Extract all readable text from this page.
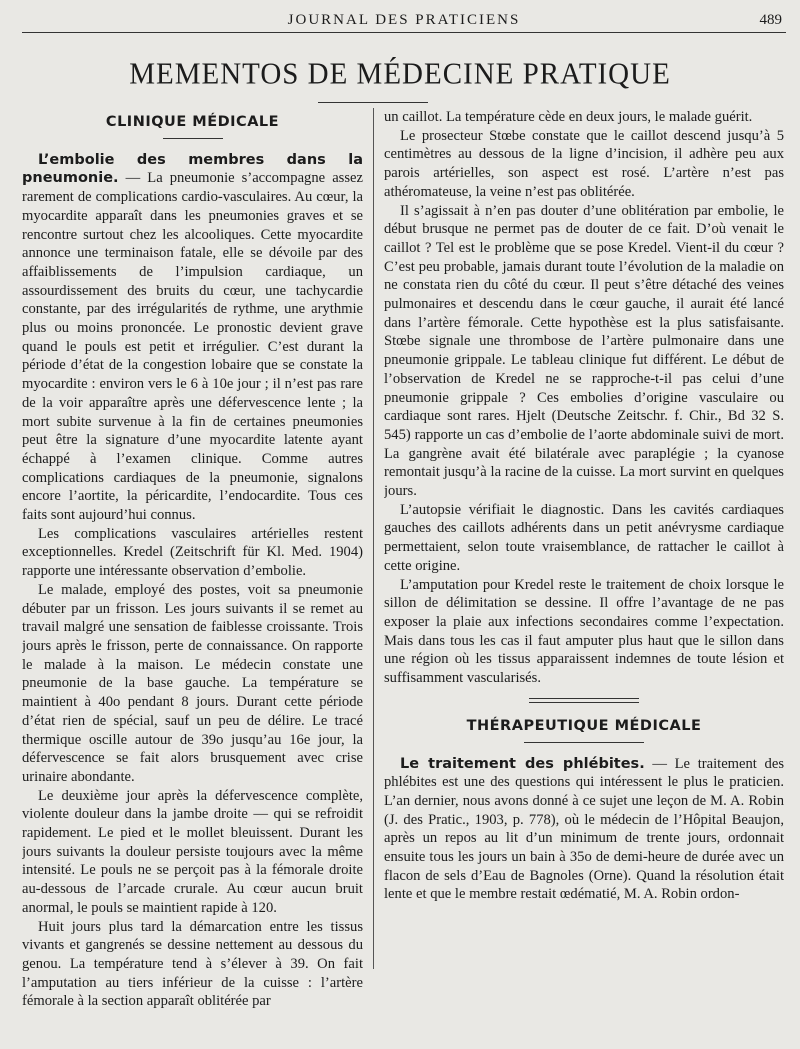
JOURNAL DES PRATICIENS	489
MEMENTOS DE MÉDECINE PRATIQUE
CLINIQUE MÉDICALE

L’embolie des membres dans la pneumonie. — La pneumonie s’accompagne assez rarement de complications cardio-vasculaires. Au cœur, la myocardite apparaît dans les pneumonies graves et se rencontre surtout chez les alcooliques. Cette myocardite annonce une terminaison fatale, elle se dévoile par des affaiblissements de l’impulsion cardiaque, un assourdissement des bruits du cœur, une tachycardie constante, par des irrégularités de rythme, une arythmie plus ou moins prononcée. Le pronostic devient grave quand le pouls est petit et irrégulier. C’est durant la période d’état de la congestion lobaire que se constate la myocardite : environ vers le 6 à 10e jour ; il n’est pas rare de la voir apparaître après une défervescence lente ; la mort subite survenue à la fin de certaines pneumonies peut être la signature d’une myocardite latente ayant échappé à l’examen clinique. Comme autres complications cardiaques de la pneumonie, signalons encore l’aortite, la péricardite, l’endocardite. Tous ces faits sont aujourd’hui connus.

Les complications vasculaires artérielles restent exceptionnelles. Kredel (Zeitschrift für Kl. Med. 1904) rapporte une intéressante observation d’embolie.

Le malade, employé des postes, voit sa pneumonie débuter par un frisson. Les jours suivants il se remet au travail malgré une sensation de faiblesse croissante. Trois jours après le frisson, perte de connaissance. On rapporte le malade à la maison. Le médecin constate une pneumonie de la base gauche. La température se maintient à 40o pendant 8 jours. Durant cette période d’état rien de spécial, sauf un peu de délire. Le tracé thermique oscille autour de 39o jusqu’au 16e jour, la défervescence se fait alors brusquement avec crise urinaire abondante.

Le deuxième jour après la défervescence complète, violente douleur dans la jambe droite — qui se refroidit rapidement. Le pied et le mollet bleuissent. Durant les jours suivants la douleur persiste toujours avec la même intensité. Le pouls ne se perçoit pas à la fémorale droite au-dessous de l’arcade crurale. Au cœur aucun bruit anormal, le pouls se maintient rapide à 120.

Huit jours plus tard la démarcation entre les tissus vivants et gangrenés se dessine nettement au dessous du genou. La température tend à s’élever à 39. On fait l’amputation au tiers inférieur de la cuisse : l’artère fémorale à la section apparaît oblitérée par

un caillot. La température cède en deux jours, le malade guérit.

Le prosecteur Stœbe constate que le caillot descend jusqu’à 5 centimètres au dessous de la ligne d’incision, il adhère peu aux parois artérielles, son aspect est rosé. L’artère n’est pas athéromateuse, la veine n’est pas oblitérée.

Il s’agissait à n’en pas douter d’une oblitération par embolie, le début brusque ne permet pas de douter de ce fait. D’où venait le caillot ? Tel est le problème que se pose Kredel. Vient-il du cœur ? C’est peu probable, jamais durant toute l’évolution de la maladie on ne constata rien du côté du cœur. Il peut s’être détaché des veines pulmonaires et descendu dans le cœur gauche, il aurait été lancé dans l’artère fémorale. Cette hypothèse est la plus satisfaisante. Stœbe signale une thrombose de l’artère pulmonaire dans une pneumonie grippale. Le tableau clinique fut différent. Le début de l’observation de Kredel ne se rapproche-t-il pas celui d’une pneumonie grippale ? Ces embolies d’origine vasculaire ou cardiaque sont rares. Hjelt (Deutsche Zeitschr. f. Chir., Bd 32 S. 545) rapporte un cas d’embolie de l’aorte abdominale suivi de mort. La gangrène avait été bilatérale avec paraplégie ; la cyanose remontait jusqu’à la racine de la cuisse. La mort survint en quelques jours.

L’autopsie vérifiait le diagnostic. Dans les cavités cardiaques gauches des caillots adhérents dans un petit anévrysme cardiaque permettaient, selon toute vraisemblance, de rattacher le caillot à cette origine.

L’amputation pour Kredel reste le traitement de choix lorsque le sillon de délimitation se dessine. Il offre l’avantage de ne pas exposer la plaie aux infections secondaires comme l’expectation. Mais dans tous les cas il faut amputer plus haut que le sillon dans une région où les tissus apparaissent indemnes de toute lésion et suffisamment vascularisés.

THÉRAPEUTIQUE MÉDICALE

Le traitement des phlébites. — Le traitement des phlébites est une des questions qui intéressent le plus le praticien. L’an dernier, nous avons donné à ce sujet une leçon de M. A. Robin (J. des Pratic., 1903, p. 778), où le médecin de l’Hôpital Beaujon, après un repos au lit d’un minimum de trente jours, ordonnait ensuite tous les jours un bain à 35o de demi-heure de durée avec un flacon de sels d’Eau de Bagnoles (Orne). Quand la résolution était lente et que le membre restait œdématié, M. A. Robin ordon-
